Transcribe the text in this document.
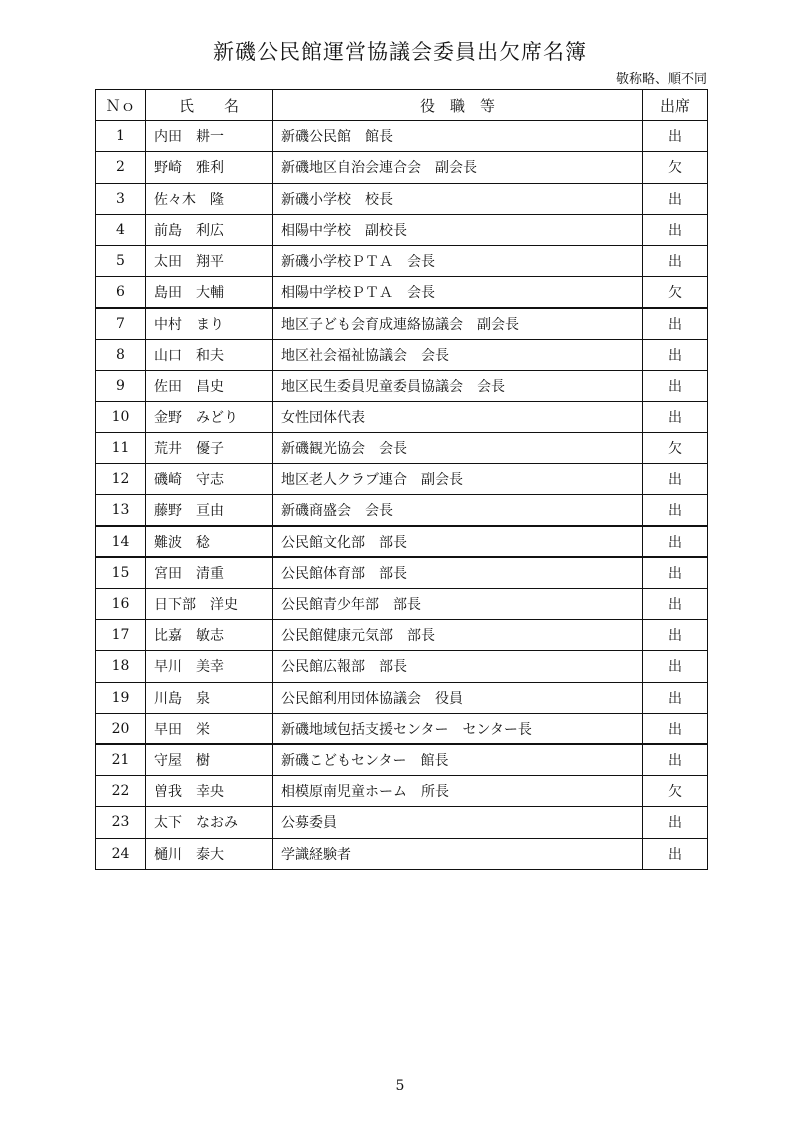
新磯公民館運営協議会委員出欠席名簿
敬称略、順不同
Ｎｏ	氏　　名	役　職　等	出席
1	内田　耕一	新磯公民館　館長	出
2	野崎　雅利	新磯地区自治会連合会　副会長	欠
3	佐々木　隆	新磯小学校　校長	出
4	前島　利広	相陽中学校　副校長	出
5	太田　翔平	新磯小学校ＰＴＡ　会長	出
6	島田　大輔	相陽中学校ＰＴＡ　会長	欠
7	中村　まり	地区子ども会育成連絡協議会　副会長	出
8	山口　和夫	地区社会福祉協議会　会長	出
9	佐田　昌史	地区民生委員児童委員協議会　会長	出
10	金野　みどり	女性団体代表	出
11	荒井　優子	新磯観光協会　会長	欠
12	磯崎　守志	地区老人クラブ連合　副会長	出
13	藤野　亘由	新磯商盛会　会長	出
14	難波　稔	公民館文化部　部長	出
15	宮田　清重	公民館体育部　部長	出
16	日下部　洋史	公民館青少年部　部長	出
17	比嘉　敏志	公民館健康元気部　部長	出
18	早川　美幸	公民館広報部　部長	出
19	川島　泉	公民館利用団体協議会　役員	出
20	早田　栄	新磯地域包括支援センター　センター長	出
21	守屋　樹	新磯こどもセンター　館長	出
22	曽我　幸央	相模原南児童ホーム　所長	欠
23	太下　なおみ	公募委員	出
24	樋川　泰大	学識経験者	出
5
